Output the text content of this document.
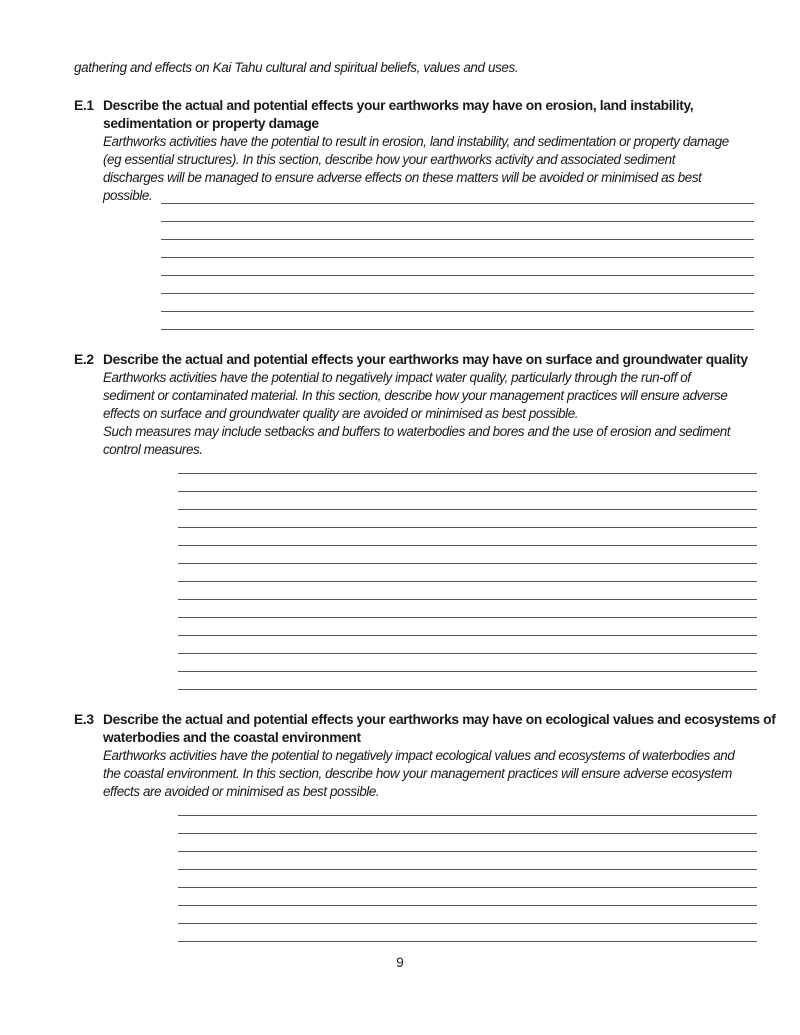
gathering and effects on Kai Tahu cultural and spiritual beliefs, values and uses.
E.1 Describe the actual and potential effects your earthworks may have on erosion, land instability,
sedimentation or property damage

Earthworks activities have the potential to result in erosion, land instability, and sedimentation or property damage

(eg essential structures). In this section, describe how your earthworks activity and associated sediment

discharges will be managed to ensure adverse effects on these matters will be avoided or minimised as best

possible.

E.2 Describe the actual and potential effects your earthworks may have on surface and groundwater quality

Earthworks activities have the potential to negatively impact water quality, particularly through the run-off of

sediment or contaminated material. In this section, describe how your management practices will ensure adverse

effects on surface and groundwater quality are avoided or minimised as best possible.

Such measures may include setbacks and buffers to waterbodies and bores and the use of erosion and sediment

control measures.

E.3 Describe the actual and potential effects your earthworks may have on ecological values and ecosystems of
waterbodies and the coastal environment

Earthworks activities have the potential to negatively impact ecological values and ecosystems of waterbodies and

the coastal environment. In this section, describe how your management practices will ensure adverse ecosystem

effects are avoided or minimised as best possible.

9
